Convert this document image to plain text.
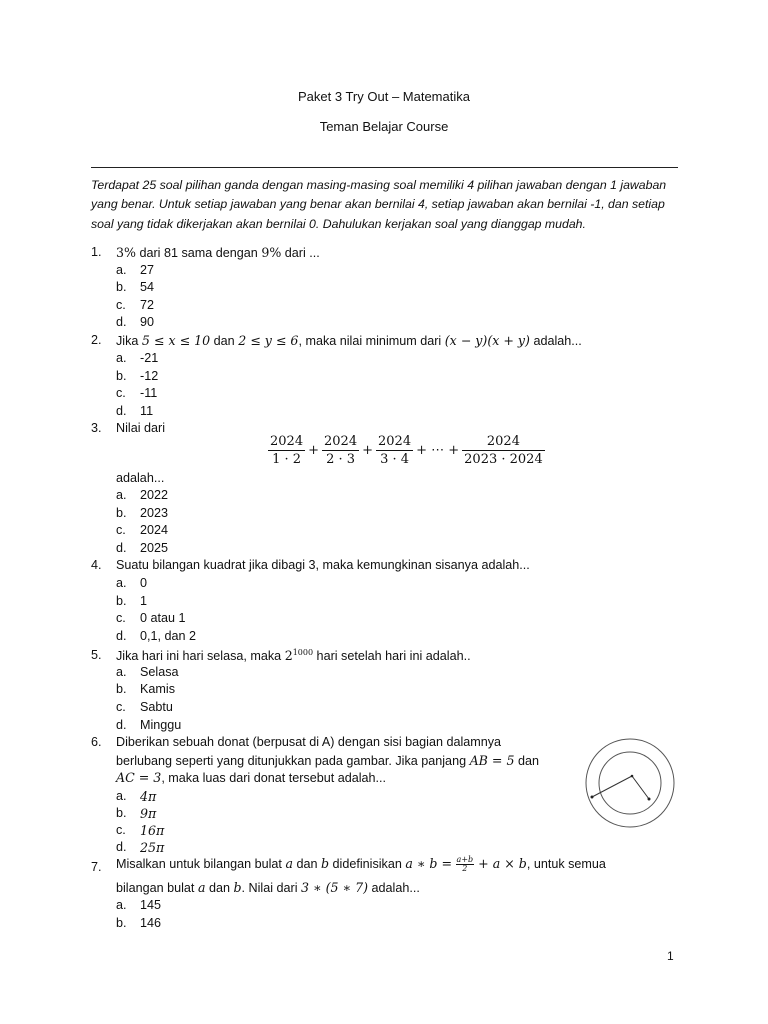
Paket 3 Try Out – Matematika
Teman Belajar Course
Terdapat 25 soal pilihan ganda dengan masing-masing soal memiliki 4 pilihan jawaban dengan 1 jawaban yang benar. Untuk setiap jawaban yang benar akan bernilai 4, setiap jawaban akan bernilai -1, dan setiap soal yang tidak dikerjakan akan bernilai 0. Dahulukan kerjakan soal yang dianggap mudah.
1.	3% dari 81 sama dengan 9% dari ...
a. 27
b. 54
c. 72
d. 90
2.	Jika 5 ≤ x ≤ 10 dan 2 ≤ y ≤ 6, maka nilai minimum dari (x − y)(x + y) adalah...
a. -21
b. -12
c. -11
d. 11
3.	Nilai dari
$\frac{2024}{1 \cdot 2} + \frac{2024}{2 \cdot 3} + \frac{2024}{3 \cdot 4}$ + ⋯ + $\frac{2024}{2023 \cdot 2024}$
adalah...
a. 2022
b. 2023
c. 2024
d. 2025
4.	Suatu bilangan kuadrat jika dibagi 3, maka kemungkinan sisanya adalah...
a. 0
b. 1
c. 0 atau 1
d. 0,1, dan 2
5.	Jika hari ini hari selasa, maka $2^{1000}$ hari setelah hari ini adalah..
a. Selasa
b. Kamis
c. Sabtu
d. Minggu
6.	Diberikan sebuah donat (berpusat di A) dengan sisi bagian dalamnya
berlubang seperti yang ditunjukkan pada gambar. Jika panjang AB = 5 dan
AC = 3, maka luas dari donat tersebut adalah...
a. 4π
b. 9π
c. 16π
d. 25π
7.	Misalkan untuk bilangan bulat a dan b didefinisikan a ∗ $b = \frac{a+b}{2} + a \times b$, untuk semua
bilangan bulat a dan b. Nilai dari 3 ∗ (5 ∗ 7) adalah...
a. 145
b. 146
1
